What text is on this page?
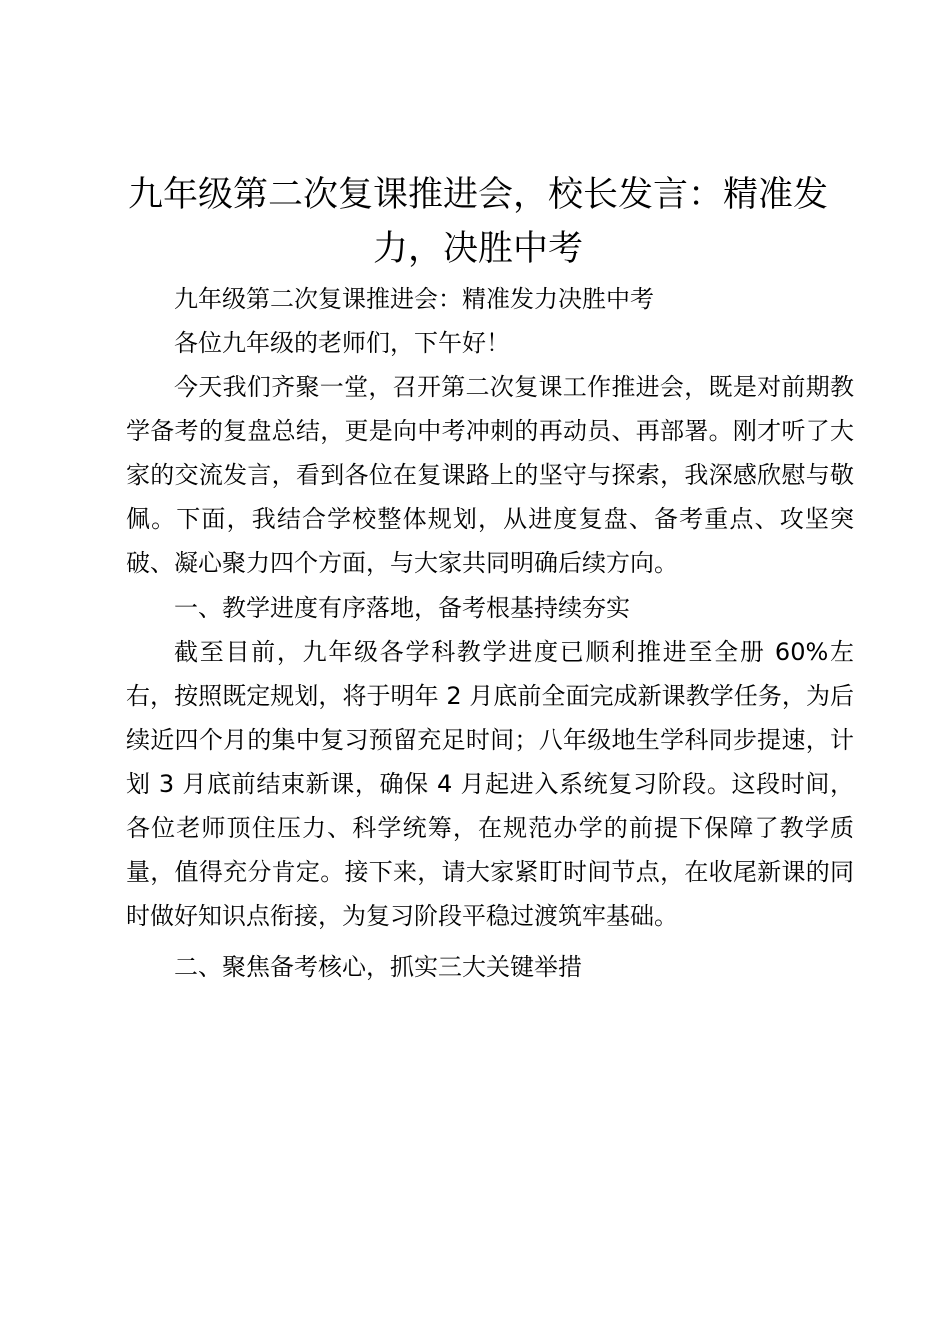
九年级第二次复课推进会，校长发言：精准发力，决胜中考

九年级第二次复课推进会：精准发力决胜中考

各位九年级的老师们，下午好！

今天我们齐聚一堂，召开第二次复课工作推进会，既是对前期教学备考的复盘总结，更是向中考冲刺的再动员、再部署。刚才听了大家的交流发言，看到各位在复课路上的坚守与探索，我深感欣慰与敬佩。下面，我结合学校整体规划，从进度复盘、备考重点、攻坚突破、凝心聚力四个方面，与大家共同明确后续方向。

一、教学进度有序落地，备考根基持续夯实

截至目前，九年级各学科教学进度已顺利推进至全册 60%左右，按照既定规划，将于明年 2 月底前全面完成新课教学任务，为后续近四个月的集中复习预留充足时间；八年级地生学科同步提速，计划 3 月底前结束新课，确保 4 月起进入系统复习阶段。这段时间，各位老师顶住压力、科学统筹，在规范办学的前提下保障了教学质量，值得充分肯定。接下来，请大家紧盯时间节点，在收尾新课的同时做好知识点衔接，为复习阶段平稳过渡筑牢基础。

二、聚焦备考核心，抓实三大关键举措
